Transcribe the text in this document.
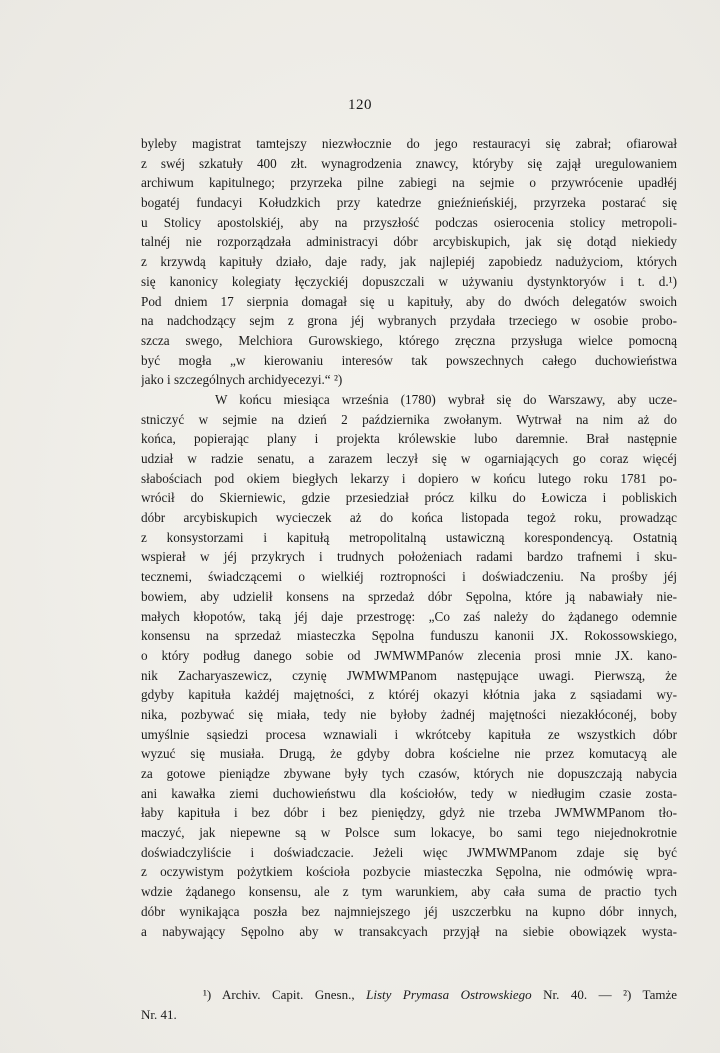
120
byleby magistrat tamtejszy niezwłocznie do jego restauracyi się zabrał; ofiarował
z swéj szkatuły 400 złt. wynagrodzenia znawcy, któryby się zajął uregulowaniem
archiwum kapitulnego; przyrzeka pilne zabiegi na sejmie o przywrócenie upadłéj
bogatéj fundacyi Kołudzkich przy katedrze gnieźnieńskiéj, przyrzeka postarać się
u Stolicy apostolskiéj, aby na przyszłość podczas osierocenia stolicy metropoli-
talnéj nie rozporządzała administracyi dóbr arcybiskupich, jak się dotąd niekiedy
z krzywdą kapituły działo, daje rady, jak najlepiéj zapobiedz nadużyciom, których
się kanonicy kolegiaty łęczyckiéj dopuszczali w używaniu dystynktoryów i t. d.¹)
Pod dniem 17 sierpnia domagał się u kapituły, aby do dwóch delegatów swoich
na nadchodzący sejm z grona jéj wybranych przydała trzeciego w osobie probo-
szcza swego, Melchiora Gurowskiego, którego zręczna przysługa wielce pomocną
być mogła „w kierowaniu interesów tak powszechnych całego duchowieństwa
jako i szczególnych archidyecezyi.“ ²)
W końcu miesiąca września (1780) wybrał się do Warszawy, aby ucze-
stniczyć w sejmie na dzień 2 października zwołanym. Wytrwał na nim aż do
końca, popierając plany i projekta królewskie lubo daremnie. Brał następnie
udział w radzie senatu, a zarazem leczył się w ogarniających go coraz więcéj
słabościach pod okiem biegłych lekarzy i dopiero w końcu lutego roku 1781 po-
wrócił do Skierniewic, gdzie przesiedział prócz kilku do Łowicza i pobliskich
dóbr arcybiskupich wycieczek aż do końca listopada tegoż roku, prowadząc
z konsystorzami i kapitułą metropolitalną ustawiczną korespondencyą. Ostatnią
wspierał w jéj przykrych i trudnych położeniach radami bardzo trafnemi i sku-
tecznemi, świadczącemi o wielkiéj roztropności i doświadczeniu. Na prośby jéj
bowiem, aby udzielił konsens na sprzedaż dóbr Sępolna, które ją nabawiały nie-
małych kłopotów, taką jéj daje przestrogę: „Co zaś należy do żądanego odemnie
konsensu na sprzedaż miasteczka Sępolna funduszu kanonii JX. Rokossowskiego,
o który podług danego sobie od JWMWMPanów zlecenia prosi mnie JX. kano-
nik Zacharyaszewicz, czynię JWMWMPanom następujące uwagi. Pierwszą, że
gdyby kapituła każdéj majętności, z któréj okazyi kłótnia jaka z sąsiadami wy-
nika, pozbywać się miała, tedy nie byłoby żadnéj majętności niezakłóconéj, boby
umyślnie sąsiedzi procesa wznawiali i wkrótceby kapituła ze wszystkich dóbr
wyzuć się musiała. Drugą, że gdyby dobra kościelne nie przez komutacyą ale
za gotowe pieniądze zbywane były tych czasów, których nie dopuszczają nabycia
ani kawałka ziemi duchowieństwu dla kościołów, tedy w niedługim czasie zosta-
łaby kapituła i bez dóbr i bez pieniędzy, gdyż nie trzeba JWMWMPanom tło-
maczyć, jak niepewne są w Polsce sum lokacye, bo sami tego niejednokrotnie
doświadczyliście i doświadczacie. Jeżeli więc JWMWMPanom zdaje się być
z oczywistym pożytkiem kościoła pozbycie miasteczka Sępolna, nie odmówię wpra-
wdzie żądanego konsensu, ale z tym warunkiem, aby cała suma de practio tych
dóbr wynikająca poszła bez najmniejszego jéj uszczerbku na kupno dóbr innych,
a nabywający Sępolno aby w transakcyach przyjął na siebie obowiązek wysta-
¹) Archiv. Capit. Gnesn., Listy Prymasa Ostrowskiego Nr. 40. — ²) Tamże
Nr. 41.
